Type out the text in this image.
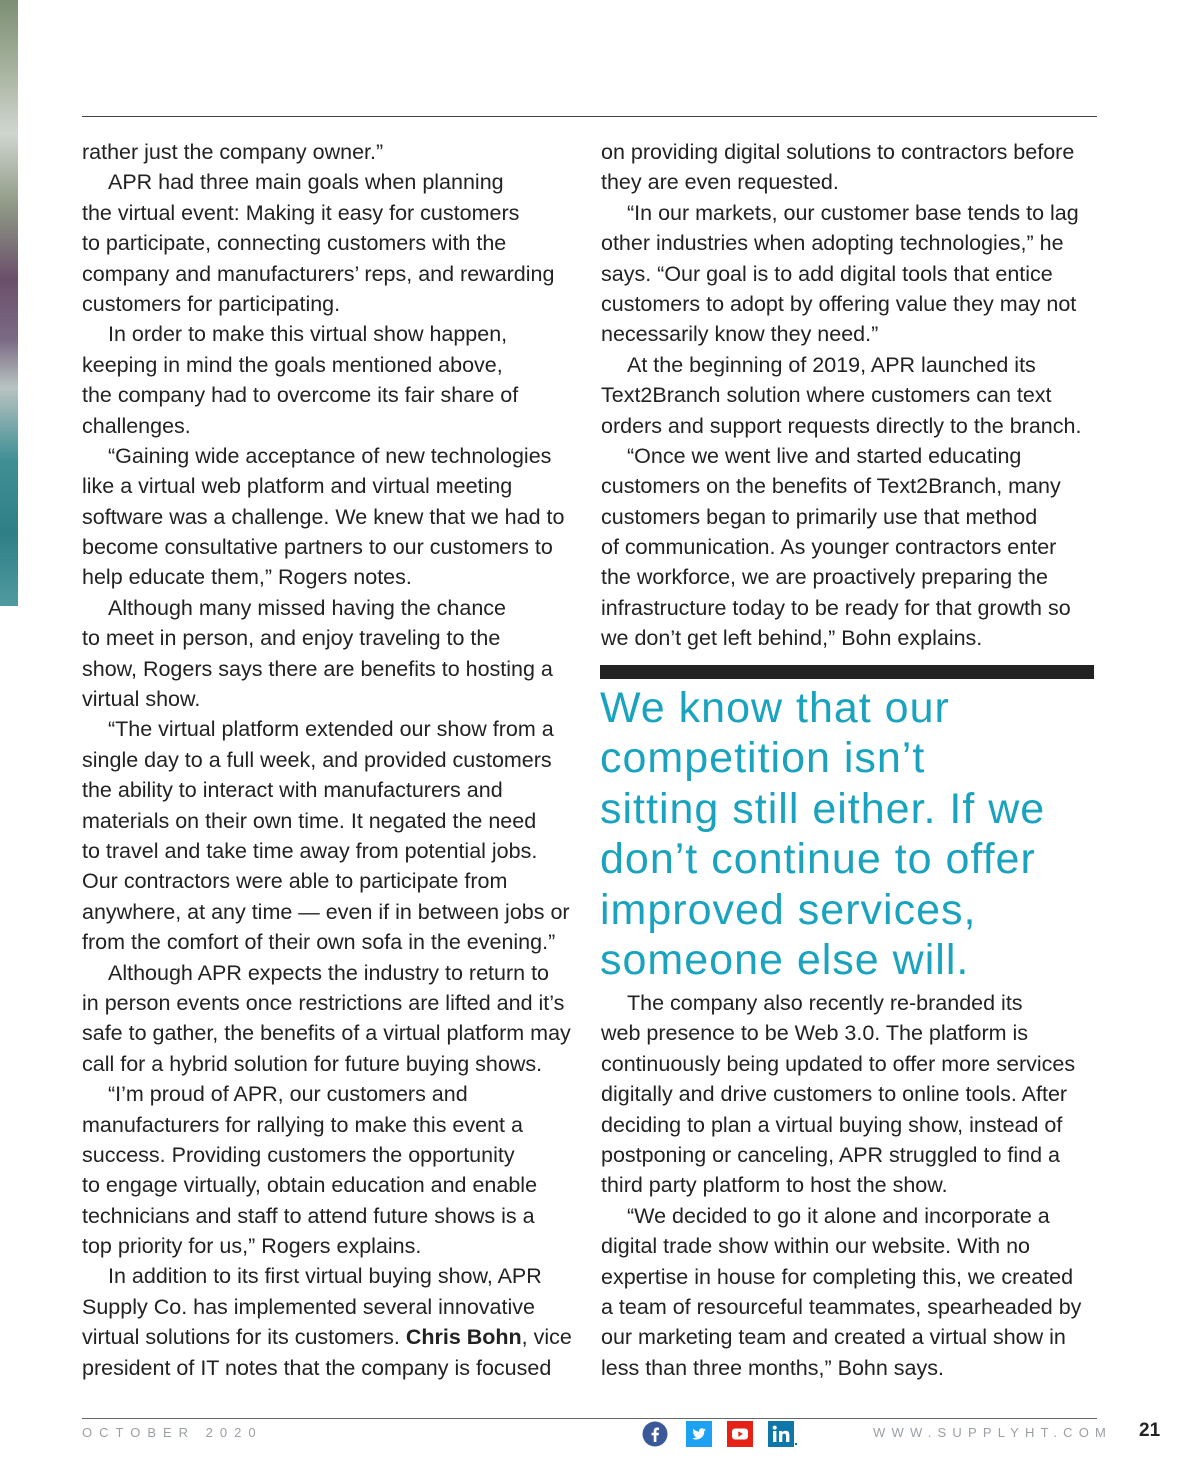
rather just the company owner.”
APR had three main goals when planning
the virtual event: Making it easy for customers
to participate, connecting customers with the
company and manufacturers’ reps, and rewarding
customers for participating.
In order to make this virtual show happen,
keeping in mind the goals mentioned above,
the company had to overcome its fair share of
challenges.
“Gaining wide acceptance of new technologies
like a virtual web platform and virtual meeting
software was a challenge. We knew that we had to
become consultative partners to our customers to
help educate them,” Rogers notes.
Although many missed having the chance
to meet in person, and enjoy traveling to the
show, Rogers says there are benefits to hosting a
virtual show.
“The virtual platform extended our show from a
single day to a full week, and provided customers
the ability to interact with manufacturers and
materials on their own time. It negated the need
to travel and take time away from potential jobs.
Our contractors were able to participate from
anywhere, at any time — even if in between jobs or
from the comfort of their own sofa in the evening.”
Although APR expects the industry to return to
in person events once restrictions are lifted and it’s
safe to gather, the benefits of a virtual platform may
call for a hybrid solution for future buying shows.
“I’m proud of APR, our customers and
manufacturers for rallying to make this event a
success. Providing customers the opportunity
to engage virtually, obtain education and enable
technicians and staff to attend future shows is a
top priority for us,” Rogers explains.
In addition to its first virtual buying show, APR
Supply Co. has implemented several innovative
virtual solutions for its customers. Chris Bohn, vice
president of IT notes that the company is focused
on providing digital solutions to contractors before
they are even requested.
“In our markets, our customer base tends to lag
other industries when adopting technologies,” he
says. “Our goal is to add digital tools that entice
customers to adopt by offering value they may not
necessarily know they need.”
At the beginning of 2019, APR launched its
Text2Branch solution where customers can text
orders and support requests directly to the branch.
“Once we went live and started educating
customers on the benefits of Text2Branch, many
customers began to primarily use that method
of communication. As younger contractors enter
the workforce, we are proactively preparing the
infrastructure today to be ready for that growth so
we don’t get left behind,” Bohn explains.
We know that our
competition isn’t
sitting still either. If we
don’t continue to offer
improved services,
someone else will.
The company also recently re-branded its
web presence to be Web 3.0. The platform is
continuously being updated to offer more services
digitally and drive customers to online tools. After
deciding to plan a virtual buying show, instead of
postponing or canceling, APR struggled to find a
third party platform to host the show.
“We decided to go it alone and incorporate a
digital trade show within our website. With no
expertise in house for completing this, we created
a team of resourceful teammates, spearheaded by
our marketing team and created a virtual show in
less than three months,” Bohn says.
OCTOBER 2020	WWW.SUPPLYHT.COM 21
